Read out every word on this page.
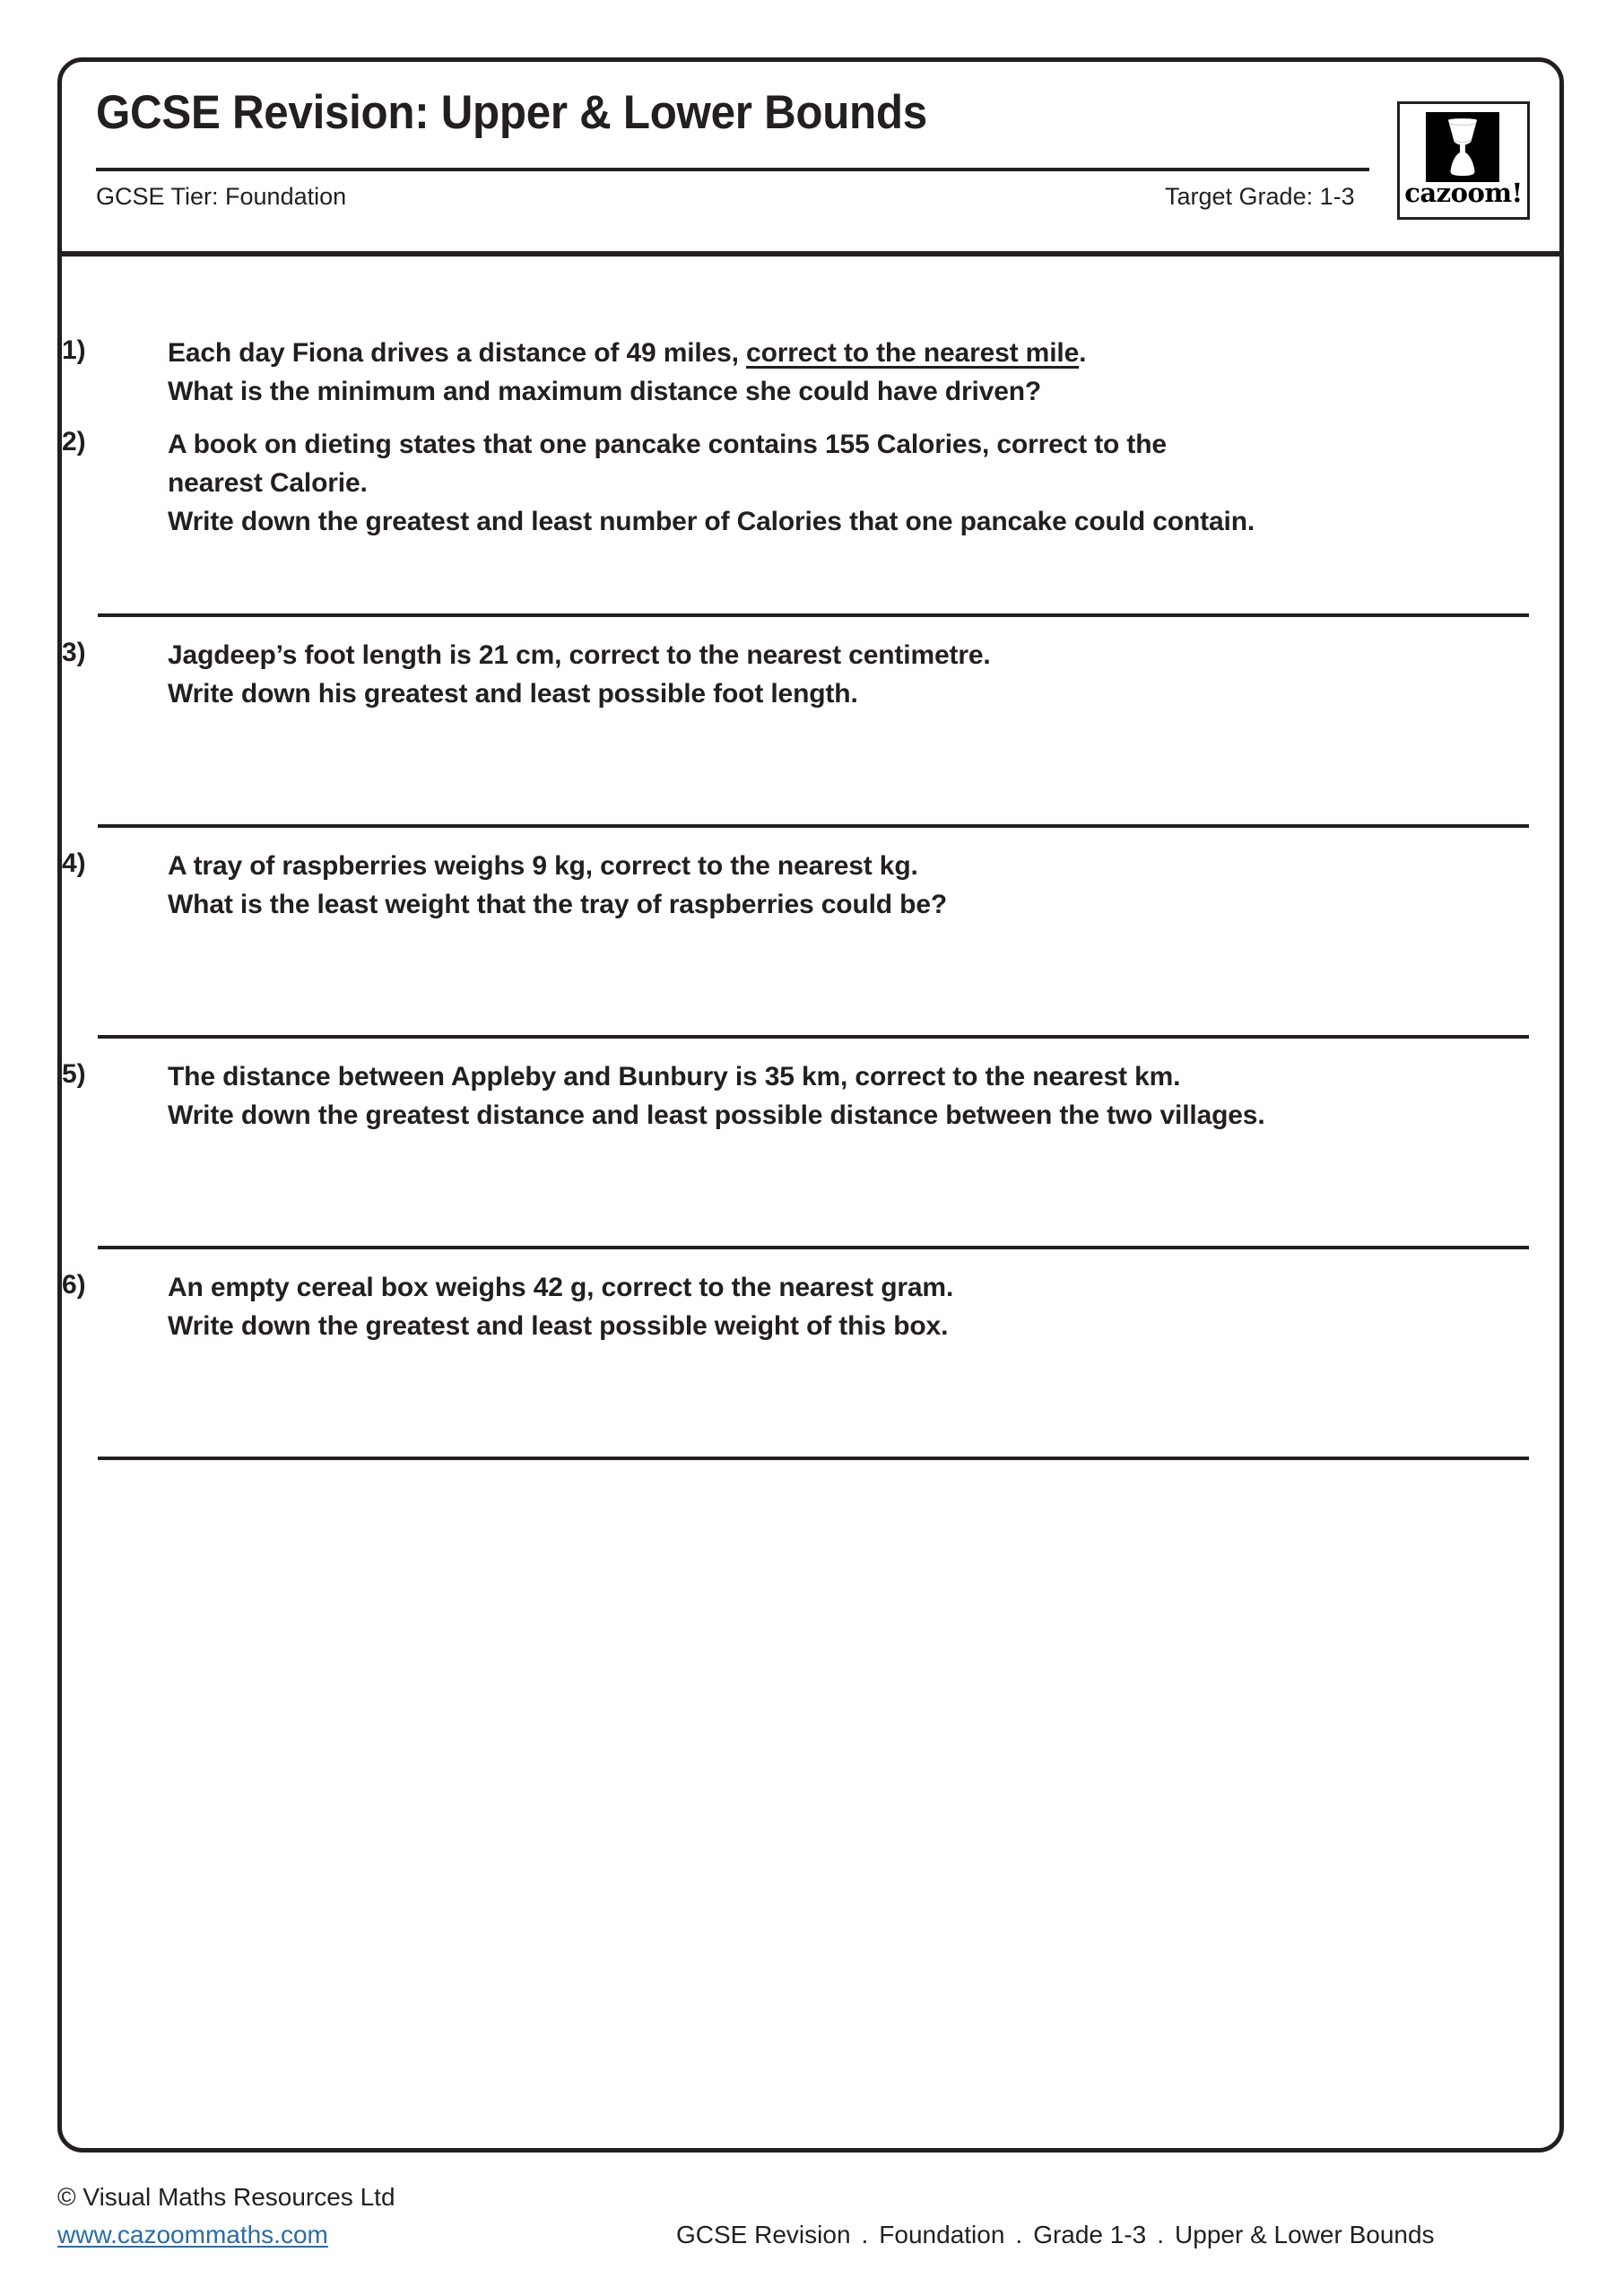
GCSE Revision: Upper & Lower Bounds
GCSE Tier: Foundation	Target Grade: 1-3 cazoom!
1)	Each day Fiona drives a distance of 49 miles, correct to the nearest mile.
What is the minimum and maximum distance she could have driven?
2)	A book on dieting states that one pancake contains 155 Calories, correct to the
nearest Calorie.
Write down the greatest and least number of Calories that one pancake could contain.
3)	Jagdeep’s foot length is 21 cm, correct to the nearest centimetre.
Write down his greatest and least possible foot length.
4)	A tray of raspberries weighs 9 kg, correct to the nearest kg.
What is the least weight that the tray of raspberries could be?
5)	The distance between Appleby and Bunbury is 35 km, correct to the nearest km.
Write down the greatest distance and least possible distance between the two villages.
6)	An empty cereal box weighs 42 g, correct to the nearest gram.
Write down the greatest and least possible weight of this box.
© Visual Maths Resources Ltd
www.cazoommaths.com	GCSE Revision . Foundation . Grade 1-3 . Upper & Lower Bounds
